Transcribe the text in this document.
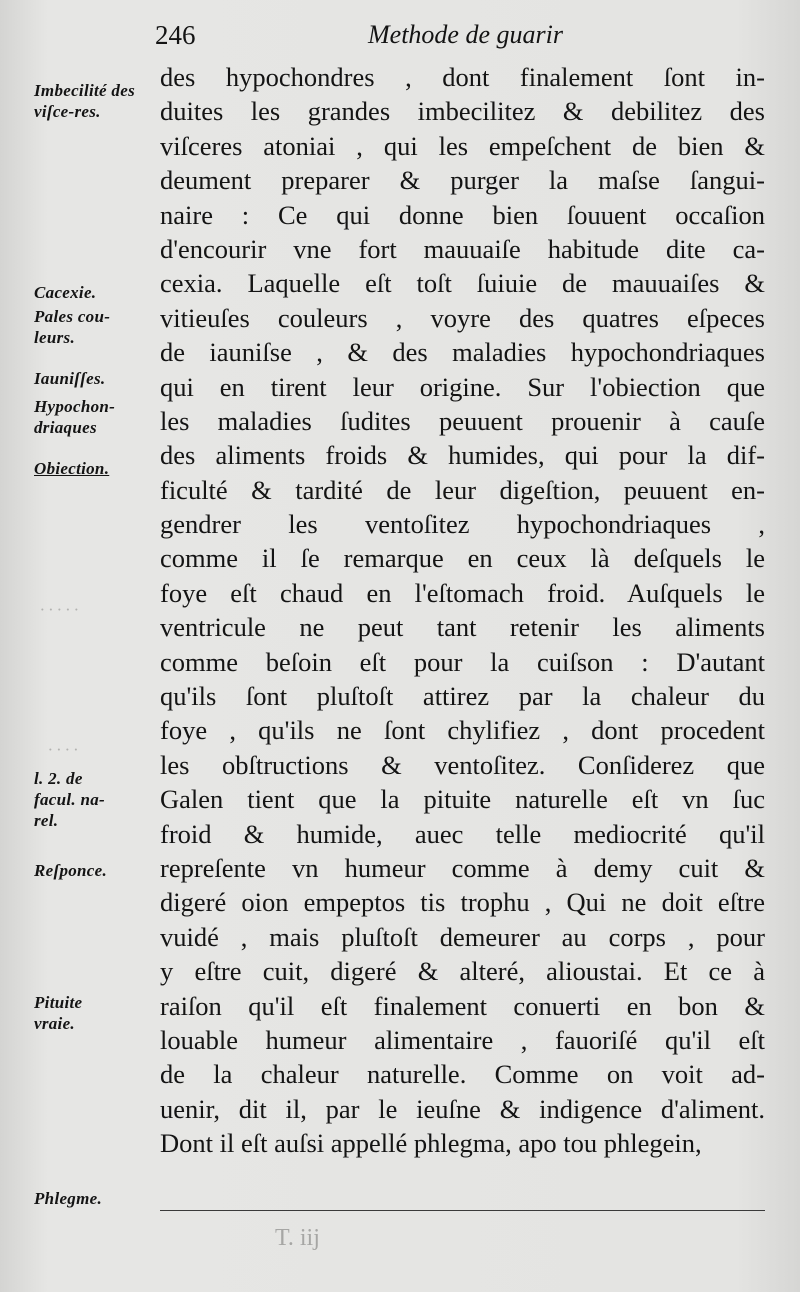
246	Methode de guarir
Imbecilité des viſce-res.
Cacexie.
Pales cou-leurs.
Iauniſſes.
Hypochon-driaques
Obiection.
l. 2. de facul. na-rel.
Reſponce.
Pituite vraie.
Phlegme.
des hypochondres , dont finalement ſont in-
duites les grandes imbecilitez & debilitez des
viſceres atoniai , qui les empeſchent de bien &
deument preparer & purger la maſse ſangui-
naire : Ce qui donne bien ſouuent occaſion
d'encourir vne fort mauuaiſe habitude dite ca-
cexia. Laquelle eſt toſt ſuiuie de mauuaiſes &
vitieuſes couleurs , voyre des quatres eſpeces
de iauniſse , & des maladies hypochondriaques
qui en tirent leur origine. Sur l'obiection que
les maladies ſudites peuuent prouenir à cauſe
des aliments froids & humides, qui pour la dif-
ficulté & tardité de leur digeſtion, peuuent en-
gendrer les ventoſitez hypochondriaques ,
comme il ſe remarque en ceux là deſquels le
foye eſt chaud en l'eſtomach froid. Auſquels le
ventricule ne peut tant retenir les aliments
comme beſoin eſt pour la cuiſson : D'autant
qu'ils ſont pluſtoſt attirez par la chaleur du
foye , qu'ils ne ſont chylifiez , dont procedent
les obſtructions & ventoſitez. Conſiderez que
Galen tient que la pituite naturelle eſt vn ſuc
froid & humide, auec telle mediocrité qu'il
repreſente vn humeur comme à demy cuit &
digeré oion empeptos tis trophu , Qui ne doit eſtre
vuidé , mais pluſtoſt demeurer au corps , pour
y eſtre cuit, digeré & alteré, alioustai. Et ce à
raiſon qu'il eſt finalement conuerti en bon &
louable humeur alimentaire , fauoriſé qu'il eſt
de la chaleur naturelle. Comme on voit ad-
uenir, dit il, par le ieuſne & indigence d'aliment.
Dont il eſt auſsi appellé phlegma, apo tou phlegein,
T. iij
· · · · ·
· · · ·
